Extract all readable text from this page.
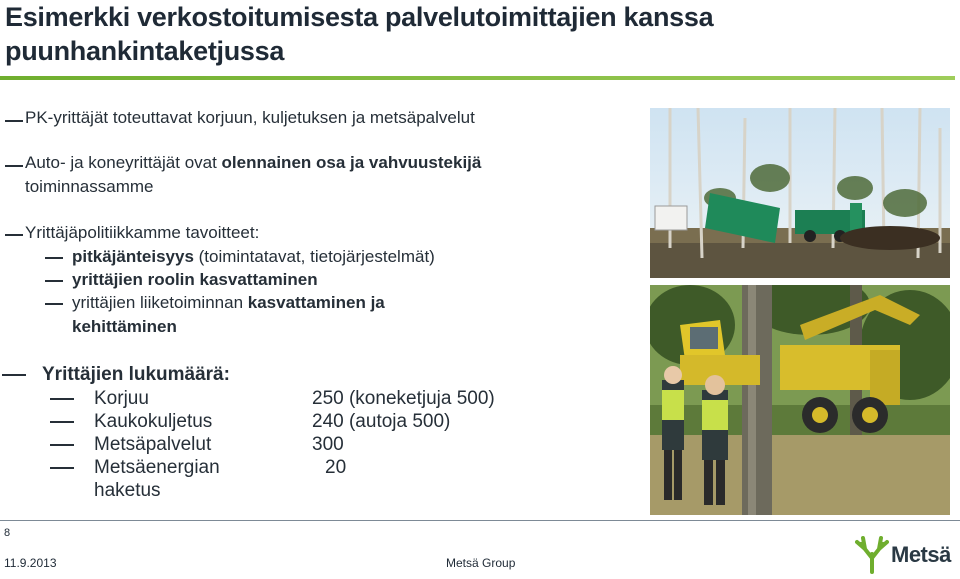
Esimerkki verkostoitumisesta palvelutoimittajien kanssa puunhankintaketjussa
PK-yrittäjät toteuttavat korjuun, kuljetuksen ja metsäpalvelut
Auto- ja koneyrittäjät ovat olennainen osa ja vahvuustekijä
toiminnassamme
Yrittäjäpolitiikkamme tavoitteet:
pitkäjänteisyys (toimintatavat, tietojärjestelmät)
yrittäjien roolin kasvattaminen
yrittäjien liiketoiminnan kasvattaminen ja
kehittäminen
Yrittäjien lukumäärä:
Korjuu	250 (koneketjuja 500)
Kaukokuljetus	240 (autoja 500)
Metsäpalvelut	300
Metsäenergian	20
haketus
8
11.9.2013	Metsä Group	Metsä
